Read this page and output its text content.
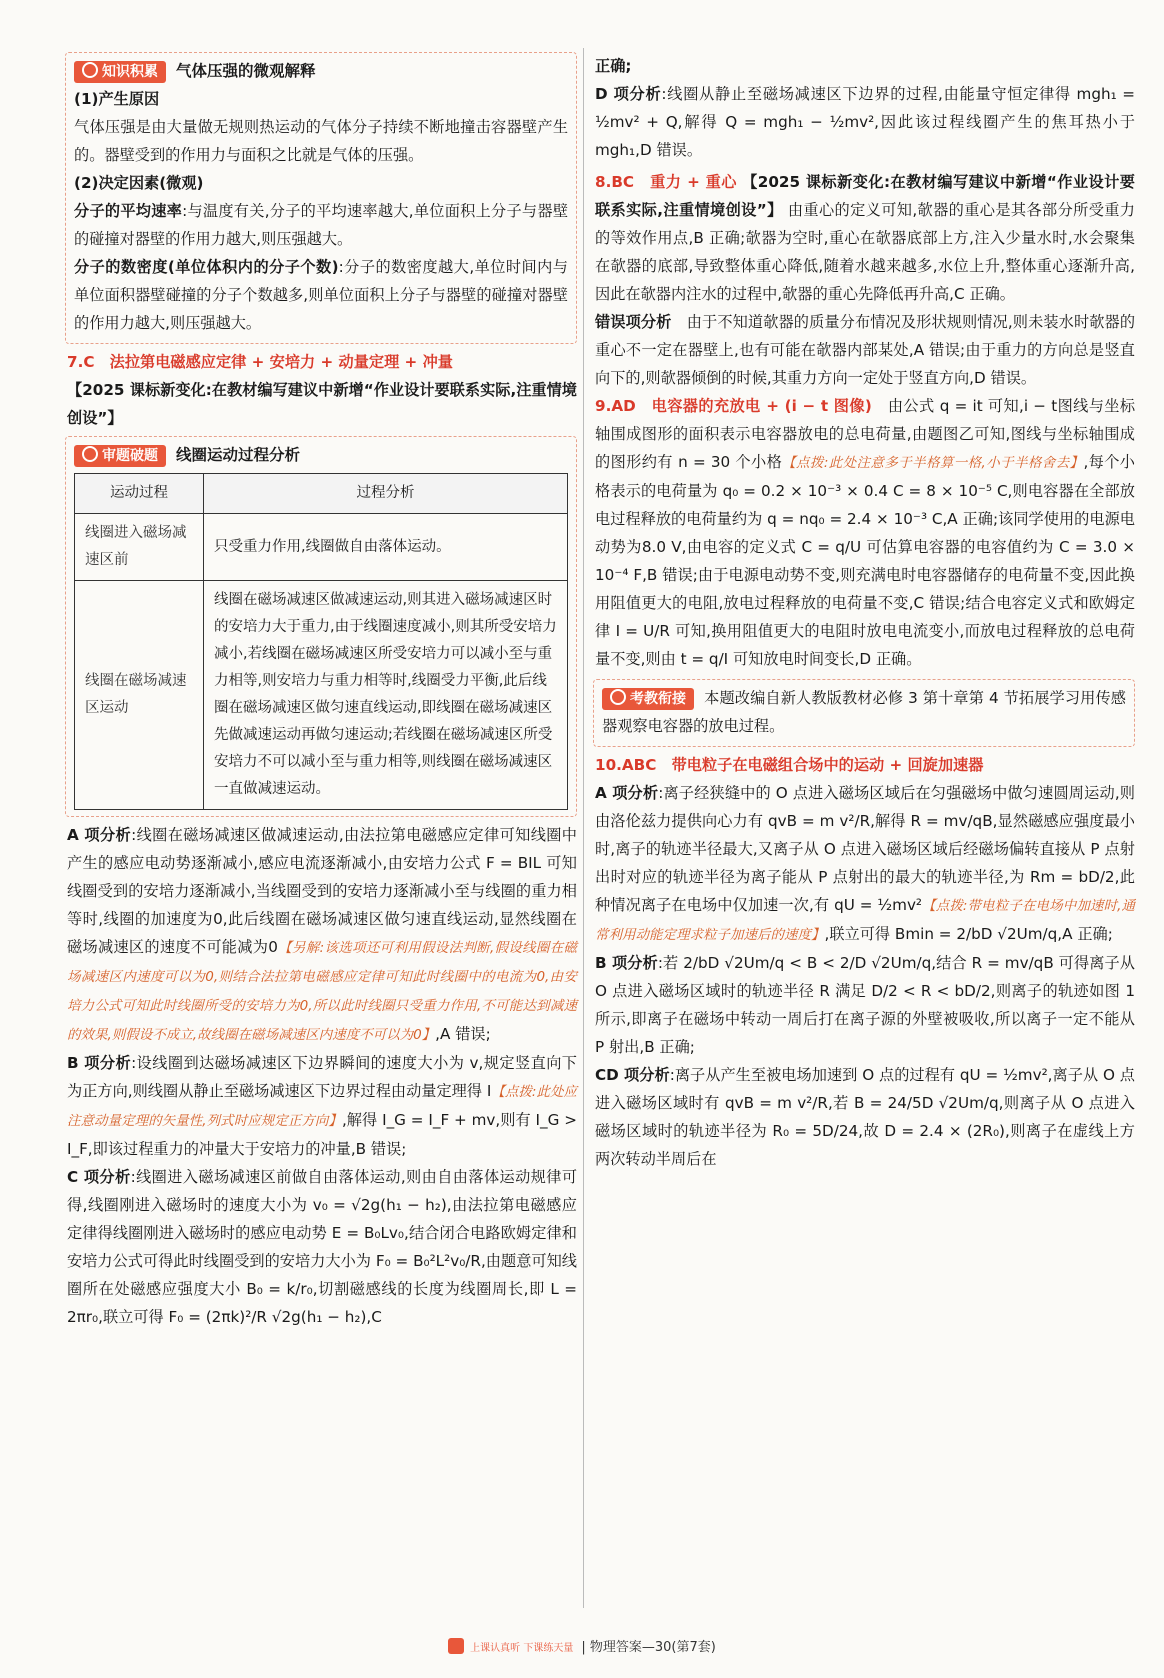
知识积累 气体压强的微观解释

(1)产生原因

气体压强是由大量做无规则热运动的气体分子持续不断地撞击容器壁产生的。器壁受到的作用力与面积之比就是气体的压强。

(2)决定因素(微观)

分子的平均速率:与温度有关,分子的平均速率越大,单位面积上分子与器壁的碰撞对器壁的作用力越大,则压强越大。

分子的数密度(单位体积内的分子个数):分子的数密度越大,单位时间内与单位面积器壁碰撞的分子个数越多,则单位面积上分子与器壁的碰撞对器壁的作用力越大,则压强越大。

7.C　法拉第电磁感应定律 + 安培力 + 动量定理 + 冲量

【2025 课标新变化:在教材编写建议中新增“作业设计要联系实际,注重情境创设”】

审题破题 线圈运动过程分析
运动过程	过程分析
线圈进入磁场减速区前	只受重力作用,线圈做自由落体运动。
线圈在磁场减速区运动	线圈在磁场减速区做减速运动,则其进入磁场减速区时的安培力大于重力,由于线圈速度减小,则其所受安培力减小,若线圈在磁场减速区所受安培力可以减小至与重力相等,则安培力与重力相等时,线圈受力平衡,此后线圈在磁场减速区做匀速直线运动,即线圈在磁场减速区先做减速运动再做匀速运动;若线圈在磁场减速区所受安培力不可以减小至与重力相等,则线圈在磁场减速区一直做减速运动。

A 项分析:线圈在磁场减速区做减速运动,由法拉第电磁感应定律可知线圈中产生的感应电动势逐渐减小,感应电流逐渐减小,由安培力公式 F = BIL 可知线圈受到的安培力逐渐减小,当线圈受到的安培力逐渐减小至与线圈的重力相等时,线圈的加速度为0,此后线圈在磁场减速区做匀速直线运动,显然线圈在磁场减速区的速度不可能减为0【另解:该选项还可利用假设法判断,假设线圈在磁场减速区内速度可以为0,则结合法拉第电磁感应定律可知此时线圈中的电流为0,由安培力公式可知此时线圈所受的安培力为0,所以此时线圈只受重力作用,不可能达到减速的效果,则假设不成立,故线圈在磁场减速区内速度不可以为0】,A 错误;

B 项分析:设线圈到达磁场减速区下边界瞬间的速度大小为 v,规定竖直向下为正方向,则线圈从静止至磁场减速区下边界过程由动量定理得 I【点拨:此处应注意动量定理的矢量性,列式时应规定正方向】,解得 I_G = I_F + mv,则有 I_G > I_F,即该过程重力的冲量大于安培力的冲量,B 错误;

C 项分析:线圈进入磁场减速区前做自由落体运动,则由自由落体运动规律可得,线圈刚进入磁场时的速度大小为 v₀ = √2g(h₁ − h₂),由法拉第电磁感应定律得线圈刚进入磁场时的感应电动势 E = B₀Lv₀,结合闭合电路欧姆定律和安培力公式可得此时线圈受到的安培力大小为 F₀ = B₀²L²v₀/R,由题意可知线圈所在处磁感应强度大小 B₀ = k/r₀,切割磁感线的长度为线圈周长,即 L = 2πr₀,联立可得 F₀ = (2πk)²/R √2g(h₁ − h₂),C

正确;

D 项分析:线圈从静止至磁场减速区下边界的过程,由能量守恒定律得 mgh₁ = ½mv² + Q,解得 Q = mgh₁ − ½mv²,因此该过程线圈产生的焦耳热小于 mgh₁,D 错误。

8.BC　重力 + 重心 【2025 课标新变化:在教材编写建议中新增“作业设计要联系实际,注重情境创设”】 由重心的定义可知,欹器的重心是其各部分所受重力的等效作用点,B 正确;欹器为空时,重心在欹器底部上方,注入少量水时,水会聚集在欹器的底部,导致整体重心降低,随着水越来越多,水位上升,整体重心逐渐升高,因此在欹器内注水的过程中,欹器的重心先降低再升高,C 正确。

错误项分析　 由于不知道欹器的质量分布情况及形状规则情况,则未装水时欹器的重心不一定在器壁上,也有可能在欹器内部某处,A 错误;由于重力的方向总是竖直向下的,则欹器倾倒的时候,其重力方向一定处于竖直方向,D 错误。

9.AD　电容器的充放电 + (i − t 图像)　 由公式 q = it 可知,i − t图线与坐标轴围成图形的面积表示电容器放电的总电荷量,由题图乙可知,图线与坐标轴围成的图形约有 n = 30 个小格【点拨:此处注意多于半格算一格,小于半格舍去】,每个小格表示的电荷量为 q₀ = 0.2 × 10⁻³ × 0.4 C = 8 × 10⁻⁵ C,则电容器在全部放电过程释放的电荷量约为 q = nq₀ = 2.4 × 10⁻³ C,A 正确;该同学使用的电源电动势为8.0 V,由电容的定义式 C = q/U 可估算电容器的电容值约为 C = 3.0 × 10⁻⁴ F,B 错误;由于电源电动势不变,则充满电时电容器储存的电荷量不变,因此换用阻值更大的电阻,放电过程释放的电荷量不变,C 错误;结合电容定义式和欧姆定律 I = U/R 可知,换用阻值更大的电阻时放电电流变小,而放电过程释放的总电荷量不变,则由 t = q/I 可知放电时间变长,D 正确。

考教衔接 本题改编自新人教版教材必修 3 第十章第 4 节拓展学习用传感器观察电容器的放电过程。

10.ABC　带电粒子在电磁组合场中的运动 + 回旋加速器

A 项分析:离子经狭缝中的 O 点进入磁场区域后在匀强磁场中做匀速圆周运动,则由洛伦兹力提供向心力有 qvB = m v²/R,解得 R = mv/qB,显然磁感应强度最小时,离子的轨迹半径最大,又离子从 O 点进入磁场区域后经磁场偏转直接从 P 点射出时对应的轨迹半径为离子能从 P 点射出的最大的轨迹半径,为 Rm = bD/2,此种情况离子在电场中仅加速一次,有 qU = ½mv²【点拨:带电粒子在电场中加速时,通常利用动能定理求粒子加速后的速度】,联立可得 Bmin = 2/bD √2Um/q,A 正确;

B 项分析:若 2/bD √2Um/q < B < 2/D √2Um/q,结合 R = mv/qB 可得离子从 O 点进入磁场区域时的轨迹半径 R 满足 D/2 < R < bD/2,则离子的轨迹如图 1 所示,即离子在磁场中转动一周后打在离子源的外壁被吸收,所以离子一定不能从 P 射出,B 正确;

CD 项分析:离子从产生至被电场加速到 O 点的过程有 qU = ½mv²,离子从 O 点进入磁场区域时有 qvB = m v²/R,若 B = 24/5D √2Um/q,则离子从 O 点进入磁场区域时的轨迹半径为 R₀ = 5D/24,故 D = 2.4 × (2R₀),则离子在虚线上方两次转动半周后在

上课认真听 下课练天量 | 物理答案—30(第7套)
